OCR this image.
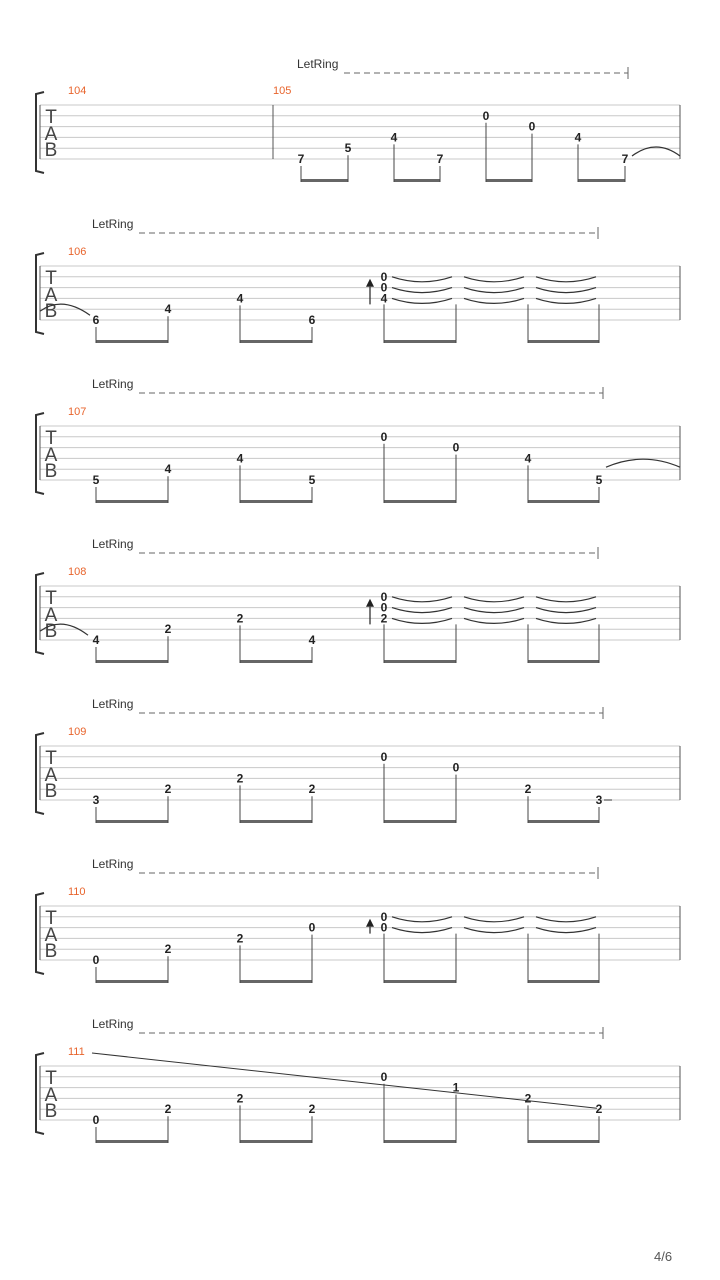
T
A
B
104	105
LetRing
7
5
4
7
0
0
4
7
T
A
B
106
LetRing
6
4
4
6
0
0
4
T
A
B
107
LetRing
5
4
4
5
0
0
4
5
T
A
B
108
LetRing
4
2
2
4
0
0
2
T
A
B
109
LetRing
3
2
2
2
0
0
2
3
T
A
B
110
LetRing
0
2
2
0
0
0
T
A
B
111
LetRing
0
2
2
2
0
1
2
2
4/6
